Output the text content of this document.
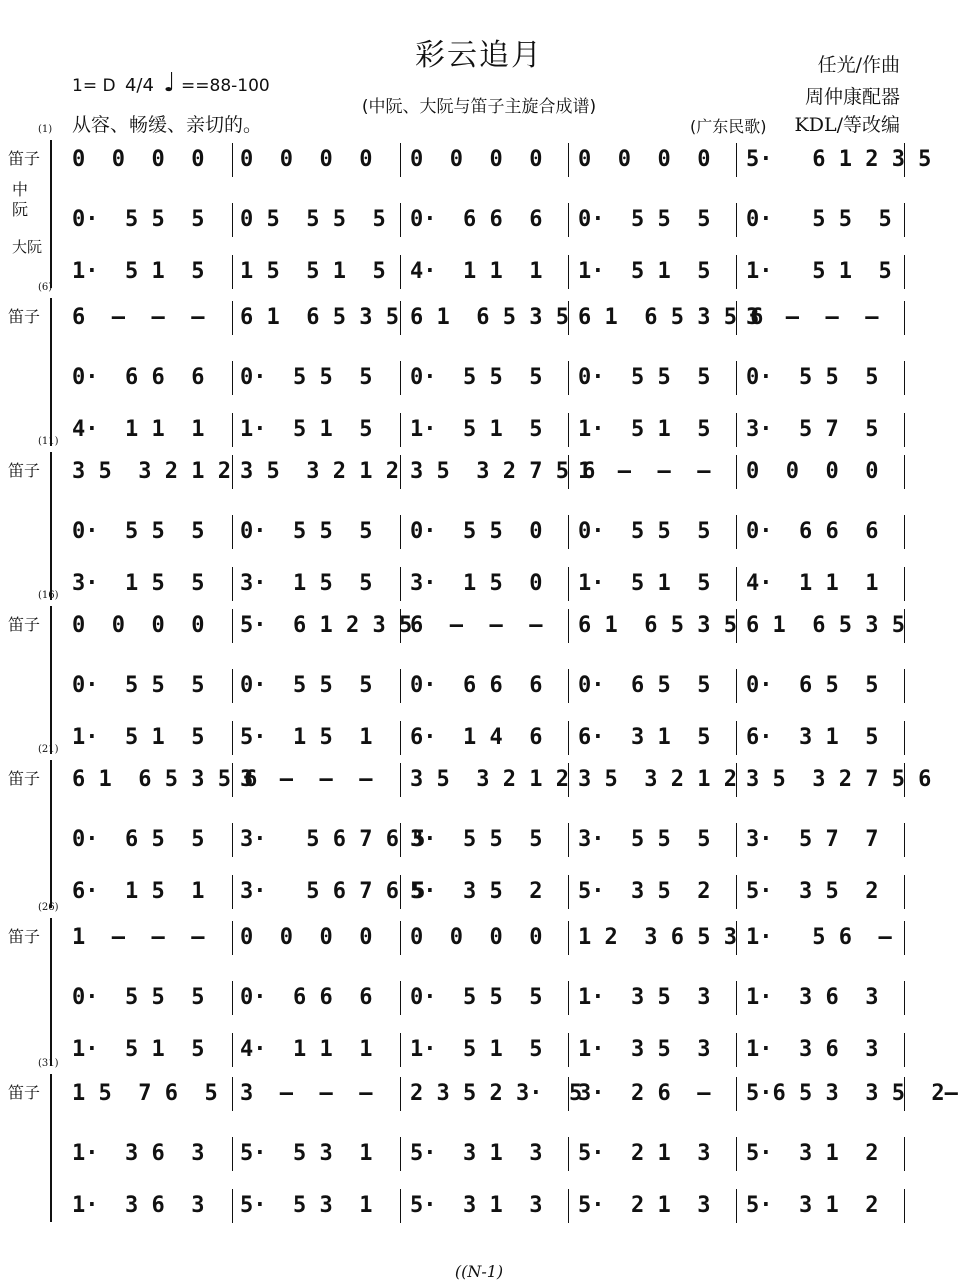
彩云追月
(中阮、大阮与笛子主旋合成谱)
任光/作曲
周仲康配器
KDL/等改编
1= D 4/4 ♩ ==88-100
从容、畅缓、亲切的。	(广东民歌)
(1)
笛子
中阮
大阮
0  0  0  0 0  0  0  0 0  0  0  0 0  0  0  0 5·   6 1 2 3 5
0·  5 5  5 0 5  5 5  5 0·  6 6  6 0·  5 5  5 0·   5 5  5
1·  5 1  5 1 5  5 1  5 4·  1 1  1 1·  5 1  5 1·   5 1  5
(6)
笛子 6  –  –  – 6 1  6 5 3 5 6 1  6 5 3 5 6 1  6 5 3 5 6
3  –  –  –
0·  6 6  6 0·  5 5  5 0·  5 5  5 0·  5 5  5 0·  5 5  5
4·  1 1  1 1·  5 1  5 1·  5 1  5 1·  5 1  5 3·  5 7  5
(11)
笛子 3 5  3 2 1 2 3 5  3 2 1 2 3 5  3 2 7 5 6
1  –  –  – 0  0  0  0
0·  5 5  5 0·  5 5  5 0·  5 5  0 0·  5 5  5 0·  6 6  6
3·  1 5  5 3·  1 5  5 3·  1 5  0 1·  5 1  5 4·  1 1  1
(16)
笛子 0  0  0  0 5·  6 1 2 3 5
6  –  –  – 6 1  6 5 3 5 6 1  6 5 3 5
0·  5 5  5 0·  5 5  5 0·  6 6  6 0·  6 5  5 0·  6 5  5
1·  5 1  5 5·  1 5  1 6·  1 4  6 6·  3 1  5 6·  3 1  5
(21)
笛子 6 1  6 5 3 5 6
3  –  –  – 3 5  3 2 1 2 3 5  3 2 1 2 3 5  3 2 7 5 6
0·  6 5  5 3·   5 6 7 6 5
3·  5 5  5 3·  5 5  5 3·  5 7  7
6·  1 5  1 3·   5 6 7 6 5
5·  3 5  2 5·  3 5  2 5·  3 5  2
(26)
笛子 1  –  –  – 0  0  0  0 0  0  0  0 1 2  3 6 5 3 1·   5 6  –
0·  5 5  5 0·  6 6  6 0·  5 5  5 1·  3 5  3 1·  3 6  3
1·  5 1  5 4·  1 1  1 1·  5 1  5 1·  3 5  3 1·  3 6  3
(31)
笛子 1 5  7 6  5 3  –  –  – 2 3 5 2 3·  5
3·  2 6  – 5·6 5 3  3 5  2–
1·  3 6  3 5·  5 3  1 5·  3 1  3 5·  2 1  3 5·  3 1  2
1·  3 6  3 5·  5 3  1 5·  3 1  3 5·  2 1  3 5·  3 1  2
((N-1)
